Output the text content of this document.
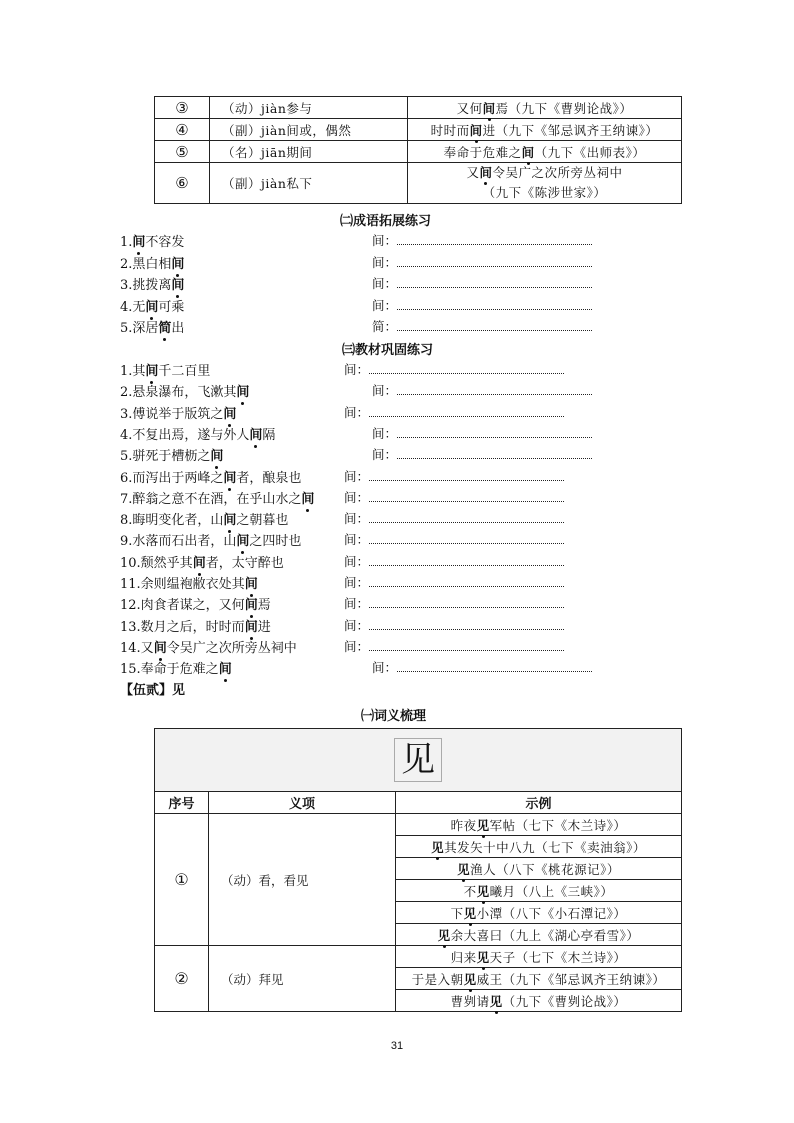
③	（动）jiàn参与	又何间焉（九下《曹刿论战》）
④	（副）jiàn间或，偶然	时时而间进（九下《邹忌讽齐王纳谏》）
⑤	（名）jiān期间	奉命于危难之间（九下《出师表》）
⑥	（副）jiàn私下	又间令吴广之次所旁丛祠中
（九下《陈涉世家》）
㈡成语拓展练习
1.间不容发	间：
2.黑白相间	间：
3.挑拨离间	间：
4.无间可乘	间：
5.深居简出	简：
㈢教材巩固练习
1.其间千二百里	间：
2.悬泉瀑布，飞漱其间	间：
3.傅说举于版筑之间	间：
4.不复出焉，遂与外人间隔	间：
5.骈死于槽枥之间	间：
6.而泻出于两峰之间者，酿泉也	间：
7.醉翁之意不在酒，在乎山水之间 间：
8.晦明变化者，山间之朝暮也	间：
9.水落而石出者，山间之四时也	间：
10.颓然乎其间者，太守醉也	间：
11.余则缊袍敝衣处其间	间：
12.肉食者谋之，又何间焉	间：
13.数月之后，时时而间进	间：
14.又间令吴广之次所旁丛祠中	间：
15.奉命于危难之间	间：
【伍贰】见
㈠词义梳理
见		
序号	义项	示例
①	（动）看，看见	昨夜见军帖（七下《木兰诗》）
		见其发矢十中八九（七下《卖油翁》）
		见渔人（八下《桃花源记》）
		不见曦月（八上《三峡》）
		下见小潭（八下《小石潭记》）
		见余大喜曰（九上《湖心亭看雪》）
②	（动）拜见	归来见天子（七下《木兰诗》）
		于是入朝见威王（九下《邹忌讽齐王纳谏》）
		曹刿请见（九下《曹刿论战》）
31
